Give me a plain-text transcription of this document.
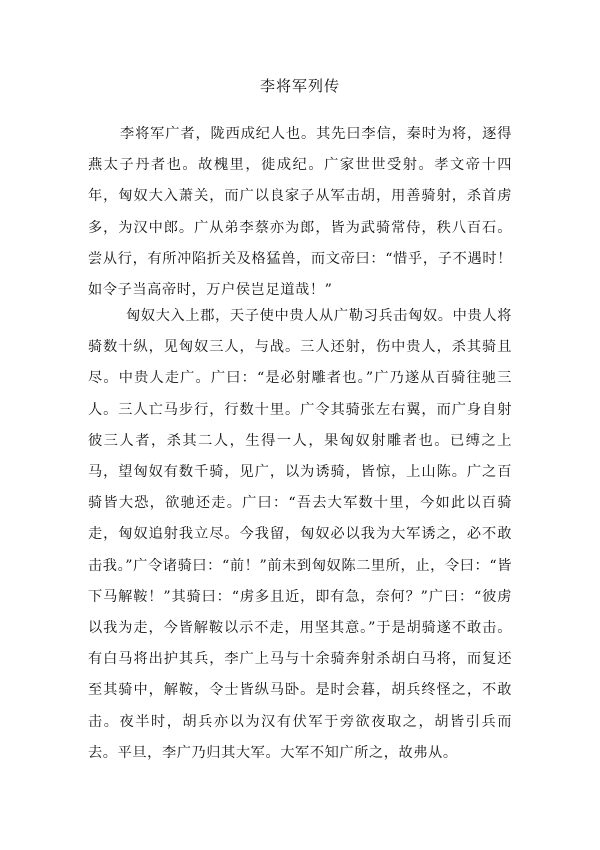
李将军列传

李将军广者，陇西成纪人也。其先曰李信，秦时为将，逐得燕太子丹者也。故槐里，徙成纪。广家世世受射。孝文帝十四年，匈奴大入萧关，而广以良家子从军击胡，用善骑射，杀首虏多，为汉中郎。广从弟李蔡亦为郎，皆为武骑常侍，秩八百石。尝从行，有所冲陷折关及格猛兽，而文帝曰：“惜乎，子不遇时！如令子当高帝时，万户侯岂足道哉！”

匈奴大入上郡，天子使中贵人从广勒习兵击匈奴。中贵人将骑数十纵，见匈奴三人，与战。三人还射，伤中贵人，杀其骑且尽。中贵人走广。广曰：“是必射雕者也。”广乃遂从百骑往驰三人。三人亡马步行，行数十里。广令其骑张左右翼，而广身自射彼三人者，杀其二人，生得一人，果匈奴射雕者也。已缚之上马，望匈奴有数千骑，见广，以为诱骑，皆惊，上山陈。广之百骑皆大恐，欲驰还走。广曰：“吾去大军数十里，今如此以百骑走，匈奴追射我立尽。今我留，匈奴必以我为大军诱之，必不敢击我。”广令诸骑曰：“前！”前未到匈奴陈二里所，止，令曰：“皆下马解鞍！”其骑曰：“虏多且近，即有急，奈何？”广曰：“彼虏以我为走，今皆解鞍以示不走，用坚其意。”于是胡骑遂不敢击。有白马将出护其兵，李广上马与十余骑奔射杀胡白马将，而复还至其骑中，解鞍，令士皆纵马卧。是时会暮，胡兵终怪之，不敢击。夜半时，胡兵亦以为汉有伏军于旁欲夜取之，胡皆引兵而去。平旦，李广乃归其大军。大军不知广所之，故弗从。
